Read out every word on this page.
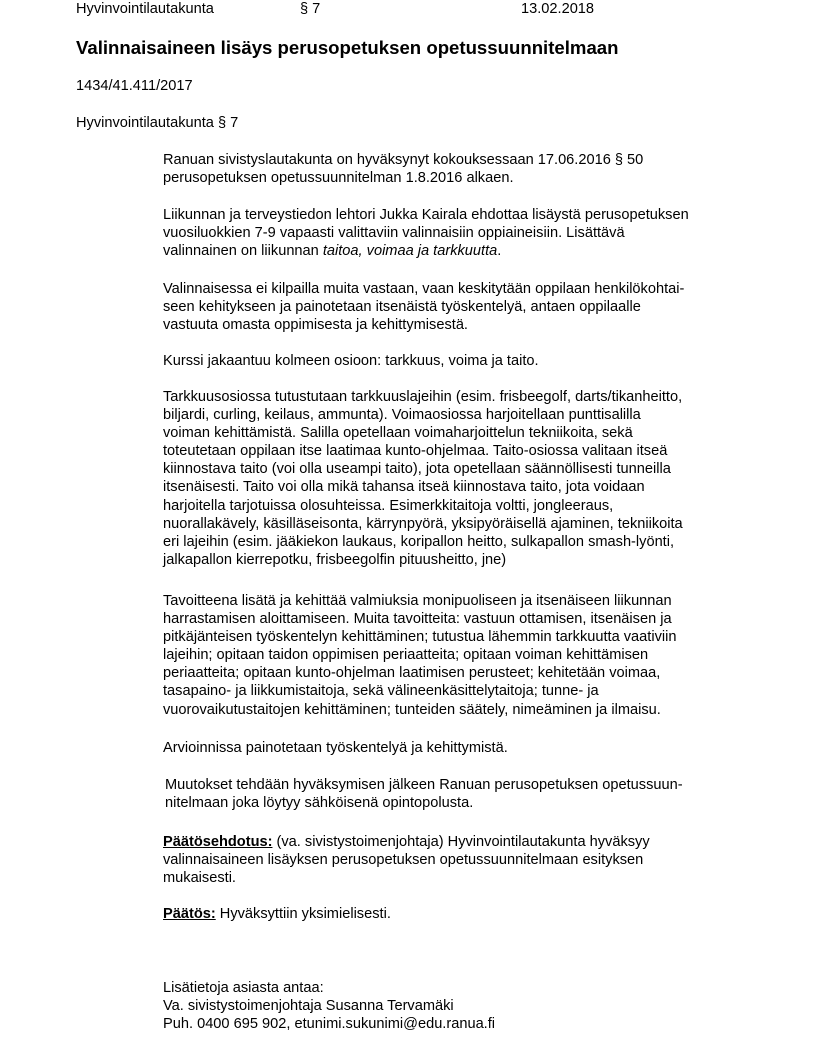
Hyvinvointilautakunta	§ 7	13.02.2018
Valinnaisaineen lisäys perusopetuksen opetussuunnitelmaan
1434/41.411/2017
Hyvinvointilautakunta § 7
Ranuan sivistyslautakunta on hyväksynyt kokouksessaan 17.06.2016 § 50
perusopetuksen opetussuunnitelman 1.8.2016 alkaen.
Liikunnan ja terveystiedon lehtori Jukka Kairala ehdottaa lisäystä perusopetuksen
vuosiluokkien 7-9 vapaasti valittaviin valinnaisiin oppiaineisiin. Lisättävä
valinnainen on liikunnan taitoa, voimaa ja tarkkuutta.
Valinnaisessa ei kilpailla muita vastaan, vaan keskitytään oppilaan henkilökohtai-
seen kehitykseen ja painotetaan itsenäistä työskentelyä, antaen oppilaalle
vastuuta omasta oppimisesta ja kehittymisestä.
Kurssi jakaantuu kolmeen osioon: tarkkuus, voima ja taito.
Tarkkuusosiossa tutustutaan tarkkuuslajeihin (esim. frisbeegolf, darts/tikanheitto,
biljardi, curling, keilaus, ammunta). Voimaosiossa harjoitellaan punttisalilla
voiman kehittämistä. Salilla opetellaan voimaharjoittelun tekniikoita, sekä
toteutetaan oppilaan itse laatimaa kunto-ohjelmaa. Taito-osiossa valitaan itseä
kiinnostava taito (voi olla useampi taito), jota opetellaan säännöllisesti tunneilla
itsenäisesti. Taito voi olla mikä tahansa itseä kiinnostava taito, jota voidaan
harjoitella tarjotuissa olosuhteissa. Esimerkkitaitoja voltti, jongleeraus,
nuorallakävely, käsilläseisonta, kärrynpyörä, yksipyöräisellä ajaminen, tekniikoita
eri lajeihin (esim. jääkiekon laukaus, koripallon heitto, sulkapallon smash-lyönti,
jalkapallon kierrepotku, frisbeegolfin pituusheitto, jne)
Tavoitteena lisätä ja kehittää valmiuksia monipuoliseen ja itsenäiseen liikunnan
harrastamisen aloittamiseen. Muita tavoitteita: vastuun ottamisen, itsenäisen ja
pitkäjänteisen työskentelyn kehittäminen; tutustua lähemmin tarkkuutta vaativiin
lajeihin; opitaan taidon oppimisen periaatteita; opitaan voiman kehittämisen
periaatteita; opitaan kunto-ohjelman laatimisen perusteet; kehitetään voimaa,
tasapaino- ja liikkumistaitoja, sekä välineenkäsittelytaitoja; tunne- ja
vuorovaikutustaitojen kehittäminen; tunteiden säätely, nimeäminen ja ilmaisu.
Arvioinnissa painotetaan työskentelyä ja kehittymistä.
Muutokset tehdään hyväksymisen jälkeen Ranuan perusopetuksen opetussuun-
nitelmaan joka löytyy sähköisenä opintopolusta.
Päätösehdotus: (va. sivistystoimenjohtaja) Hyvinvointilautakunta hyväksyy
valinnaisaineen lisäyksen perusopetuksen opetussuunnitelmaan esityksen
mukaisesti.
Päätös: Hyväksyttiin yksimielisesti.
Lisätietoja asiasta antaa:
Va. sivistystoimenjohtaja Susanna Tervamäki
Puh. 0400 695 902, etunimi.sukunimi@edu.ranua.fi
